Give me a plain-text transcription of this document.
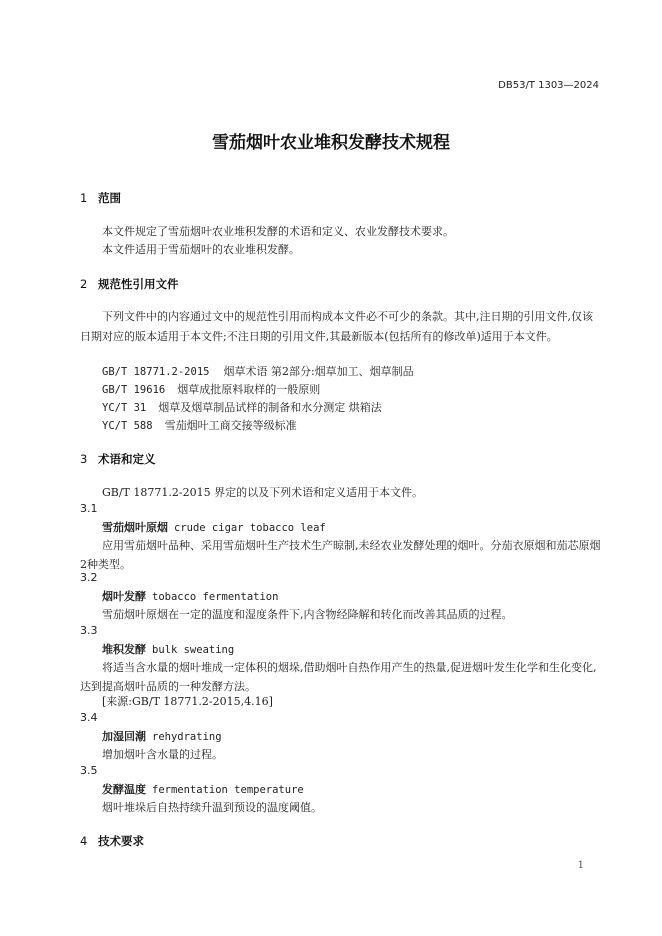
DB53/T 1303—2024
雪茄烟叶农业堆积发酵技术规程
1 范围
本文件规定了雪茄烟叶农业堆积发酵的术语和定义、农业发酵技术要求。
本文件适用于雪茄烟叶的农业堆积发酵。
2 规范性引用文件
下列文件中的内容通过文中的规范性引用而构成本文件必不可少的条款。其中,注日期的引用文件,仅该日期对应的版本适用于本文件;不注日期的引用文件,其最新版本(包括所有的修改单)适用于本文件。
GB/T 18771.2-2015 烟草术语 第2部分:烟草加工、烟草制品
GB/T 19616 烟草成批原料取样的一般原则
YC/T 31 烟草及烟草制品试样的制备和水分测定 烘箱法
YC/T 588 雪茄烟叶工商交接等级标准
3 术语和定义
GB/T 18771.2-2015 界定的以及下列术语和定义适用于本文件。
3.1
雪茄烟叶原烟 crude cigar tobacco leaf
应用雪茄烟叶品种、采用雪茄烟叶生产技术生产晾制,未经农业发酵处理的烟叶。分茄衣原烟和茄芯原烟2种类型。
3.2
烟叶发酵 tobacco fermentation
雪茄烟叶原烟在一定的温度和湿度条件下,内含物经降解和转化而改善其品质的过程。
3.3
堆积发酵 bulk sweating
将适当含水量的烟叶堆成一定体积的烟垛,借助烟叶自热作用产生的热量,促进烟叶发生化学和生化变化,达到提高烟叶品质的一种发酵方法。
[来源:GB/T 18771.2-2015,4.16]
3.4
加湿回潮 rehydrating
增加烟叶含水量的过程。
3.5
发酵温度 fermentation temperature
烟叶堆垛后自热持续升温到预设的温度阈值。
4 技术要求
1
